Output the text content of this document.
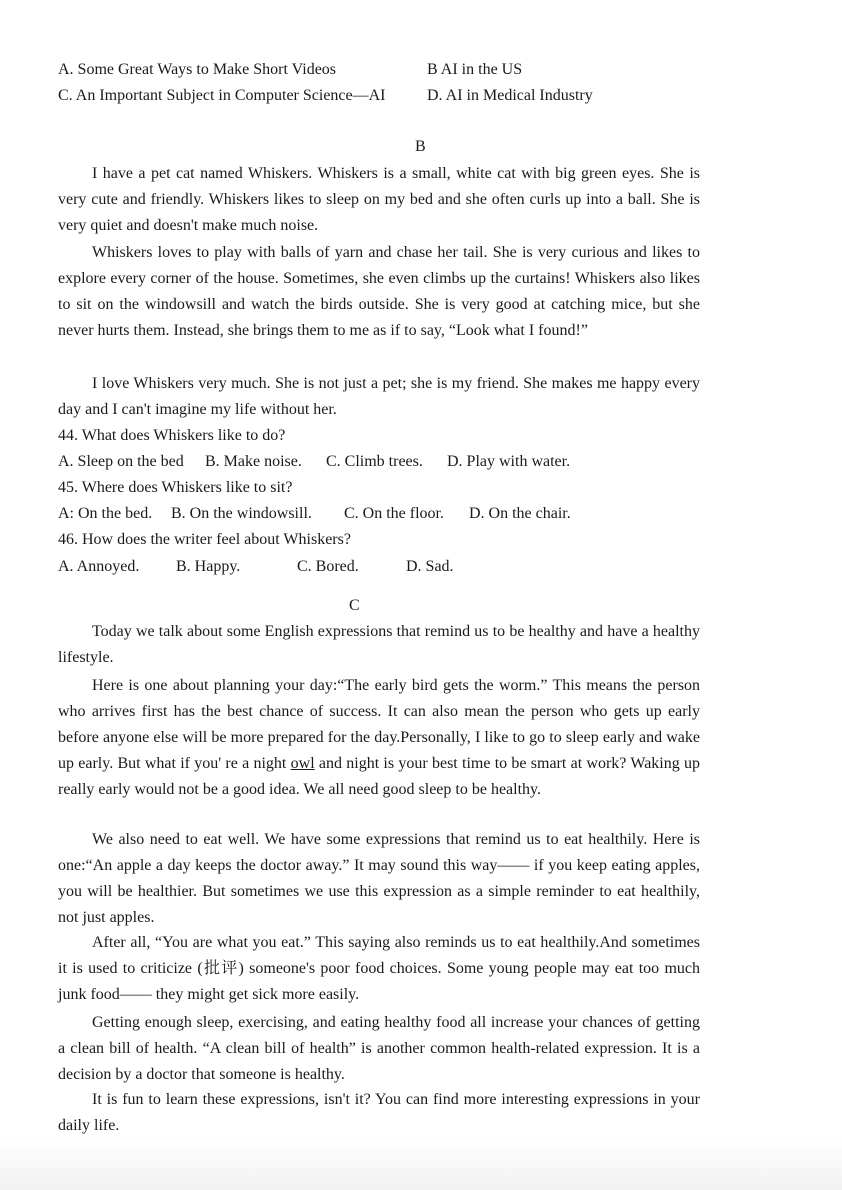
A. Some Great Ways to Make Short Videos	B AI in the US
C. An Important Subject in Computer Science—AI	D. AI in Medical Industry
B
I have a pet cat named Whiskers. Whiskers is a small, white cat with big green eyes. She is very cute and friendly. Whiskers likes to sleep on my bed and she often curls up into a ball. She is very quiet and doesn't make much noise.
Whiskers loves to play with balls of yarn and chase her tail. She is very curious and likes to explore every corner of the house. Sometimes, she even climbs up the curtains! Whiskers also likes to sit on the windowsill and watch the birds outside. She is very good at catching mice, but she never hurts them. Instead, she brings them to me as if to say, “Look what I found!”
I love Whiskers very much. She is not just a pet; she is my friend. She makes me happy every day and I can't imagine my life without her.
44. What does Whiskers like to do?
A. Sleep on the bed B. Make noise. C. Climb trees. D. Play with water.
45. Where does Whiskers like to sit?
A: On the bed. B. On the windowsill. C. On the floor. D. On the chair.
46. How does the writer feel about Whiskers?
A. Annoyed. B. Happy.	C. Bored.	D. Sad.
C
Today we talk about some English expressions that remind us to be healthy and have a healthy lifestyle.
Here is one about planning your day:“The early bird gets the worm.” This means the person who arrives first has the best chance of success. It can also mean the person who gets up early before anyone else will be more prepared for the day.Personally, I like to go to sleep early and wake up early. But what if you' re a night owl and night is your best time to be smart at work? Waking up really early would not be a good idea. We all need good sleep to be healthy.
We also need to eat well. We have some expressions that remind us to eat healthily. Here is one:“An apple a day keeps the doctor away.” It may sound this way—— if you keep eating apples, you will be healthier. But sometimes we use this expression as a simple reminder to eat healthily, not just apples.
After all, “You are what you eat.” This saying also reminds us to eat healthily.And sometimes it is used to criticize (批评) someone's poor food choices. Some young people may eat too much junk food—— they might get sick more easily.
Getting enough sleep, exercising, and eating healthy food all increase your chances of getting a clean bill of health. “A clean bill of health” is another common health-related expression. It is a decision by a doctor that someone is healthy.
It is fun to learn these expressions, isn't it? You can find more interesting expressions in your daily life.
